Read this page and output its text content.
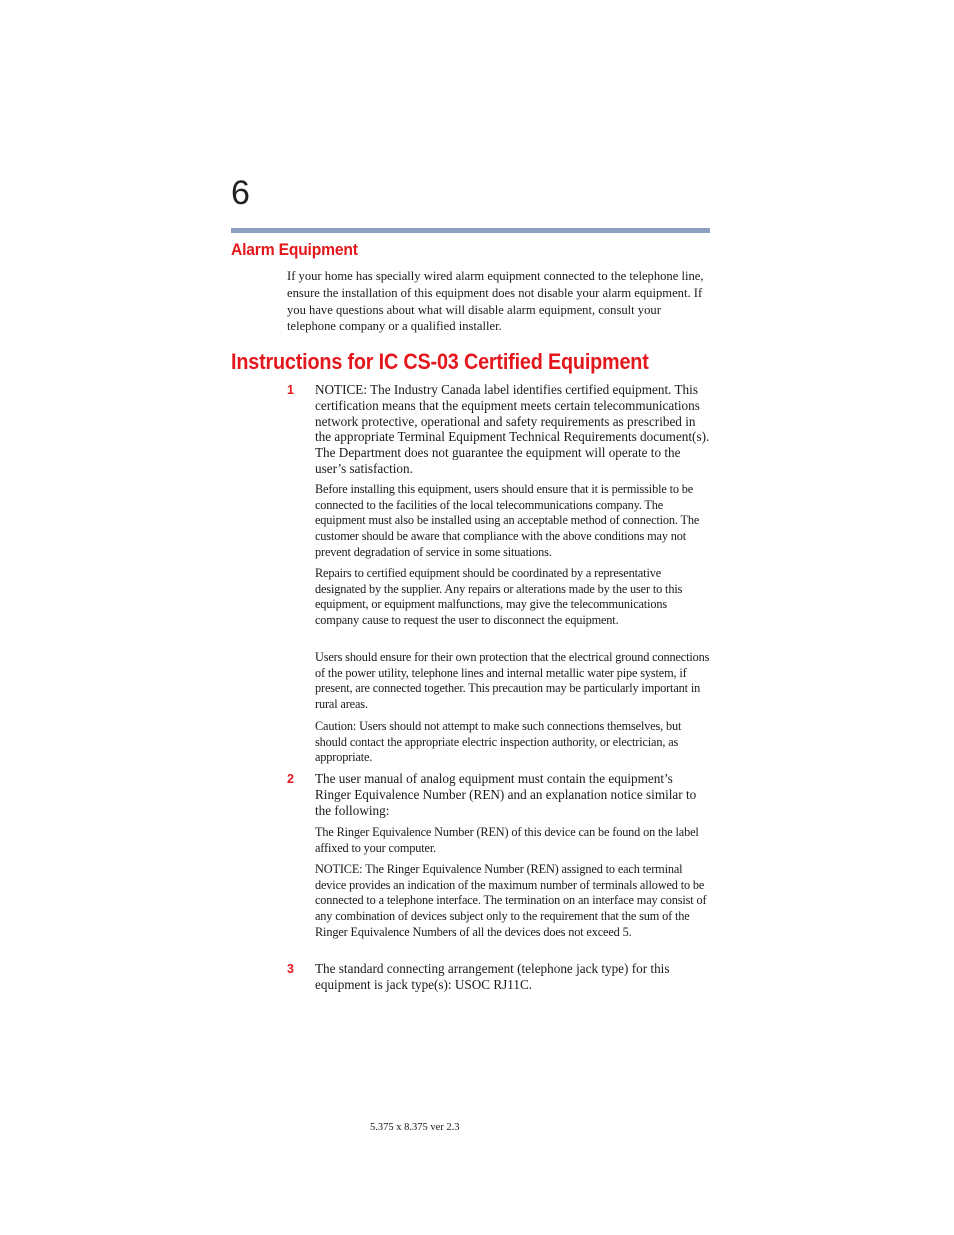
6
Alarm Equipment

If your home has specially wired alarm equipment connected to the telephone line, ensure the installation of this equipment does not disable your alarm equipment. If you have questions about what will disable alarm equipment, consult your telephone company or a qualified installer.

Instructions for IC CS-03 Certified Equipment
1 NOTICE: The Industry Canada label identifies certified equipment. This certification means that the equipment meets certain telecommunications network protective, operational and safety requirements as prescribed in the appropriate Terminal Equipment Technical Requirements document(s). The Department does not guarantee the equipment will operate to the user’s satisfaction.

Before installing this equipment, users should ensure that it is permissible to be connected to the facilities of the local telecommunications company. The equipment must also be installed using an acceptable method of connection. The customer should be aware that compliance with the above conditions may not prevent degradation of service in some situations.

Repairs to certified equipment should be coordinated by a representative designated by the supplier. Any repairs or alterations made by the user to this equipment, or equipment malfunctions, may give the telecommunications company cause to request the user to disconnect the equipment.

Users should ensure for their own protection that the electrical ground connections of the power utility, telephone lines and internal metallic water pipe system, if present, are connected together. This precaution may be particularly important in rural areas.

Caution: Users should not attempt to make such connections themselves, but should contact the appropriate electric inspection authority, or electrician, as appropriate.

2 The user manual of analog equipment must contain the equipment’s Ringer Equivalence Number (REN) and an explanation notice similar to the following:

The Ringer Equivalence Number (REN) of this device can be found on the label affixed to your computer.

NOTICE: The Ringer Equivalence Number (REN) assigned to each terminal device provides an indication of the maximum number of terminals allowed to be connected to a telephone interface. The termination on an interface may consist of any combination of devices subject only to the requirement that the sum of the Ringer Equivalence Numbers of all the devices does not exceed 5.

3 The standard connecting arrangement (telephone jack type) for this equipment is jack type(s): USOC RJ11C.

5.375 x 8.375 ver 2.3
